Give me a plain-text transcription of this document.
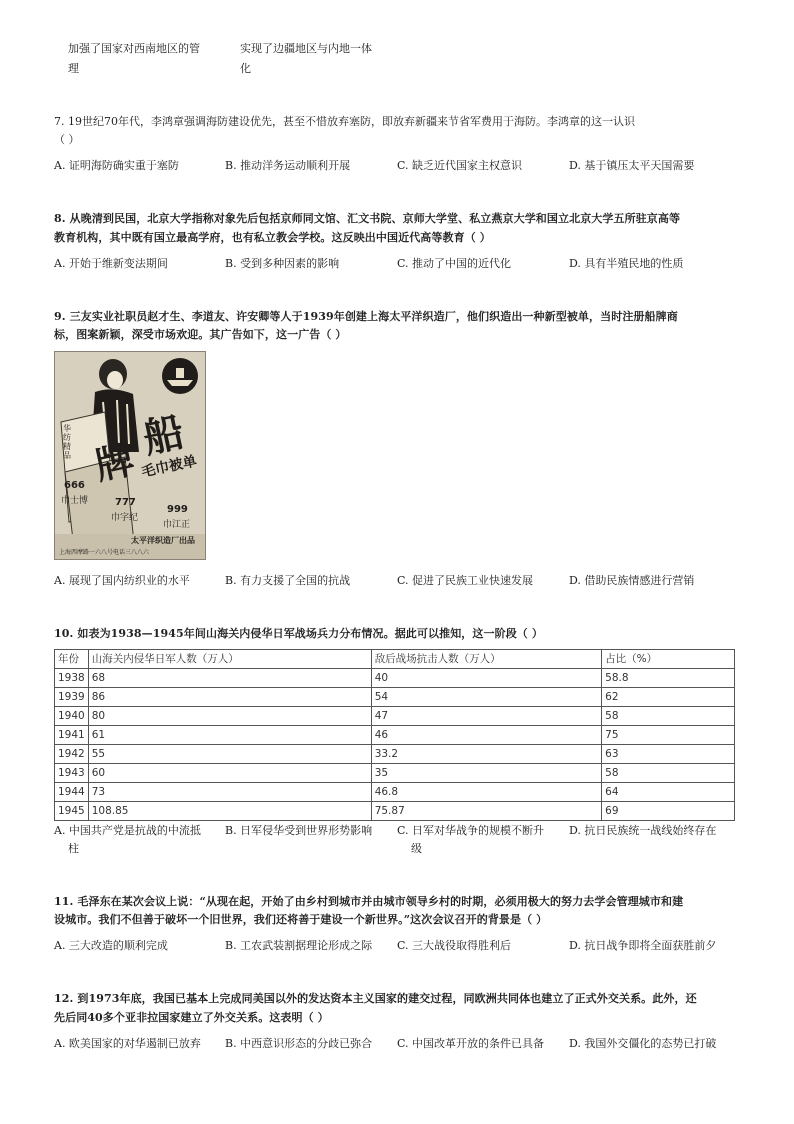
加强了国家对西南地区的管
理
实现了边疆地区与内地一体
化
7. 19世纪70年代，李鸿章强调海防建设优先，甚至不惜放弃塞防，即放弃新疆来节省军费用于海防。李鸿章的这一认识
（ ）
A. 证明海防确实重于塞防	B. 推动洋务运动顺利开展	C. 缺乏近代国家主权意识	D. 基于镇压太平天国需要
8. 从晚清到民国，北京大学指称对象先后包括京师同文馆、汇文书院、京师大学堂、私立燕京大学和国立北京大学五所驻京高等
教育机构，其中既有国立最高学府，也有私立教会学校。这反映出中国近代高等教育（ ）
A. 开始于维新变法期间	B. 受到多种因素的影响	C. 推动了中国的近代化	D. 具有半殖民地的性质
9. 三友实业社职员赵才生、李道友、许安卿等人于1939年创建上海太平洋织造厂，他们织造出一种新型被单，当时注册船牌商
标，图案新颖，深受市场欢迎。其广告如下，这一广告（ ）
华纺精品 船
牌 毛巾被单
666
巾士博	777
巾字纪
999
巾江正
太平洋织造厂出品
上海西摩路一六八号电话三八八六
A. 展现了国内纺织业的水平	B. 有力支援了全国的抗战	C. 促进了民族工业快速发展	D. 借助民族情感进行营销
10. 如表为1938—1945年间山海关内侵华日军战场兵力分布情况。据此可以推知，这一阶段（ ）
年份	山海关内侵华日军人数（万人）	敌后战场抗击人数（万人）	占比（%）
1938	68	40	58.8
1939	86	54	62
1940	80	47	58
1941	61	46	75
1942	55	33.2	63
1943	60	35	58
1944	73	46.8	64
1945	108.85	75.87	69
A. 中国共产党是抗战的中流抵
柱
B. 日军侵华受到世界形势影响 C. 日军对华战争的规模不断升
级
D. 抗日民族统一战线始终存在
11. 毛泽东在某次会议上说：“从现在起，开始了由乡村到城市并由城市领导乡村的时期，必须用极大的努力去学会管理城市和建
设城市。我们不但善于破坏一个旧世界，我们还将善于建设一个新世界。”这次会议召开的背景是（ ）
A. 三大改造的顺利完成	B. 工农武装割据理论形成之际 C. 三大战役取得胜利后	D. 抗日战争即将全面获胜前夕
12. 到1973年底，我国已基本上完成同美国以外的发达资本主义国家的建交过程，同欧洲共同体也建立了正式外交关系。此外，还
先后同40多个亚非拉国家建立了外交关系。这表明（ ）
A. 欧美国家的对华遏制已放弃 B. 中西意识形态的分歧已弥合 C. 中国改革开放的条件已具备 D. 我国外交僵化的态势已打破
